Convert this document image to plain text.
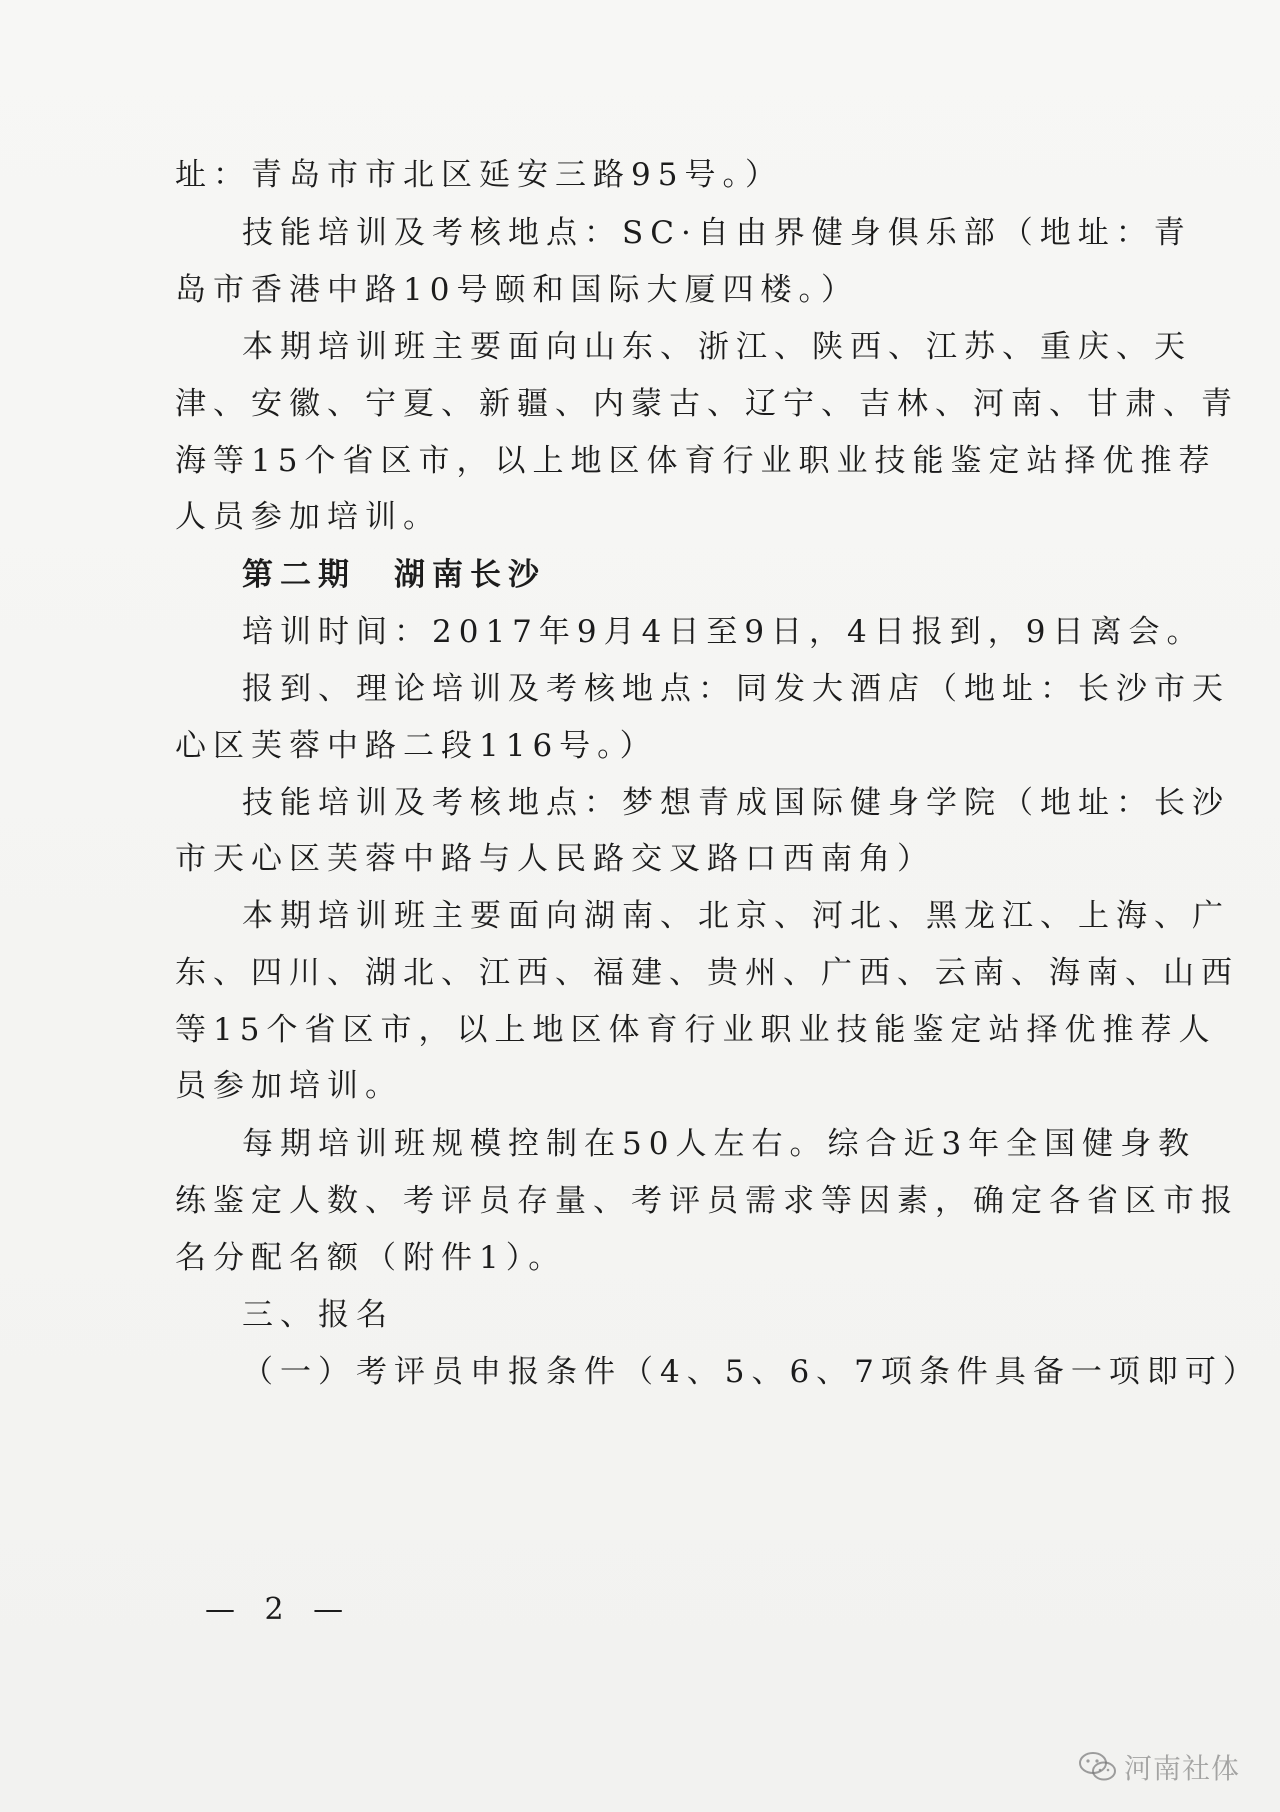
址：青岛市市北区延安三路95号。）
技能培训及考核地点：SC·自由界健身俱乐部（地址：青
岛市香港中路10号颐和国际大厦四楼。）
本期培训班主要面向山东、浙江、陕西、江苏、重庆、天
津、安徽、宁夏、新疆、内蒙古、辽宁、吉林、河南、甘肃、青
海等15个省区市，以上地区体育行业职业技能鉴定站择优推荐
人员参加培训。
第二期　湖南长沙
培训时间：2017年9月4日至9日，4日报到，9日离会。
报到、理论培训及考核地点：同发大酒店（地址：长沙市天
心区芙蓉中路二段116号。）
技能培训及考核地点：梦想青成国际健身学院（地址：长沙
市天心区芙蓉中路与人民路交叉路口西南角）
本期培训班主要面向湖南、北京、河北、黑龙江、上海、广
东、四川、湖北、江西、福建、贵州、广西、云南、海南、山西
等15个省区市，以上地区体育行业职业技能鉴定站择优推荐人
员参加培训。
每期培训班规模控制在50人左右。综合近3年全国健身教
练鉴定人数、考评员存量、考评员需求等因素，确定各省区市报
名分配名额（附件1）。
三、报名
（一）考评员申报条件（4、5、6、7项条件具备一项即可）
— 2 —
河南社体
